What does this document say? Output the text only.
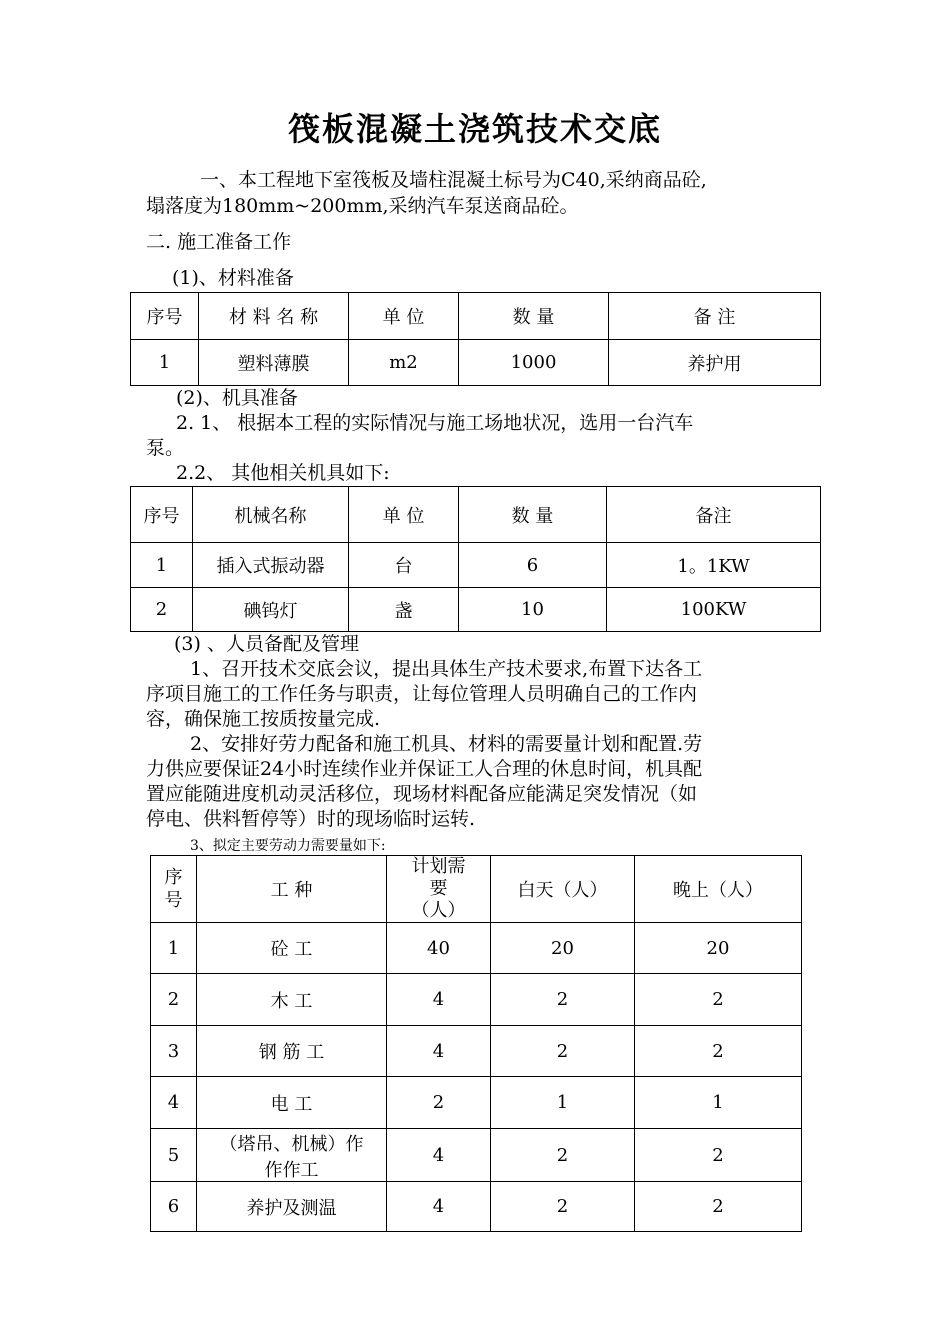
筏板混凝土浇筑技术交底
一、本工程地下室筏板及墙柱混凝土标号为C40,采纳商品砼,
塌落度为180mm~200mm,采纳汽车泵送商品砼。
二. 施工准备工作
(1)、材料准备
序号	材 料 名 称	单 位	数 量	备 注
1	塑料薄膜	m2	1000	养护用
(2)、机具准备
2. 1、 根据本工程的实际情况与施工场地状况，选用一台汽车
泵。
2.2、 其他相关机具如下:
序号	机械名称	单 位	数 量	备注
1	插入式振动器	台	6	1。1KW
2	碘钨灯	盏	10	100KW
(3) 、人员备配及管理
1、召开技术交底会议，提出具体生产技术要求,布置下达各工
序项目施工的工作任务与职责，让每位管理人员明确自己的工作内
容，确保施工按质按量完成.
2、安排好劳力配备和施工机具、材料的需要量计划和配置.劳
力供应要保证24小时连续作业并保证工人合理的休息时间，机具配
置应能随进度机动灵活移位，现场材料配备应能满足突发情况（如
停电、供料暂停等）时的现场临时运转.
3、拟定主要劳动力需要量如下:
序号	工 种	计划需要（人）	白天（人）	晚上（人）
1	砼 工	40	20	20
2	木 工	4	2	2
3	钢 筋 工	4	2	2
4	电 工	2	1	1
5	（塔吊、机械）作作作工	4	2	2
6	养护及测温	4	2	2
